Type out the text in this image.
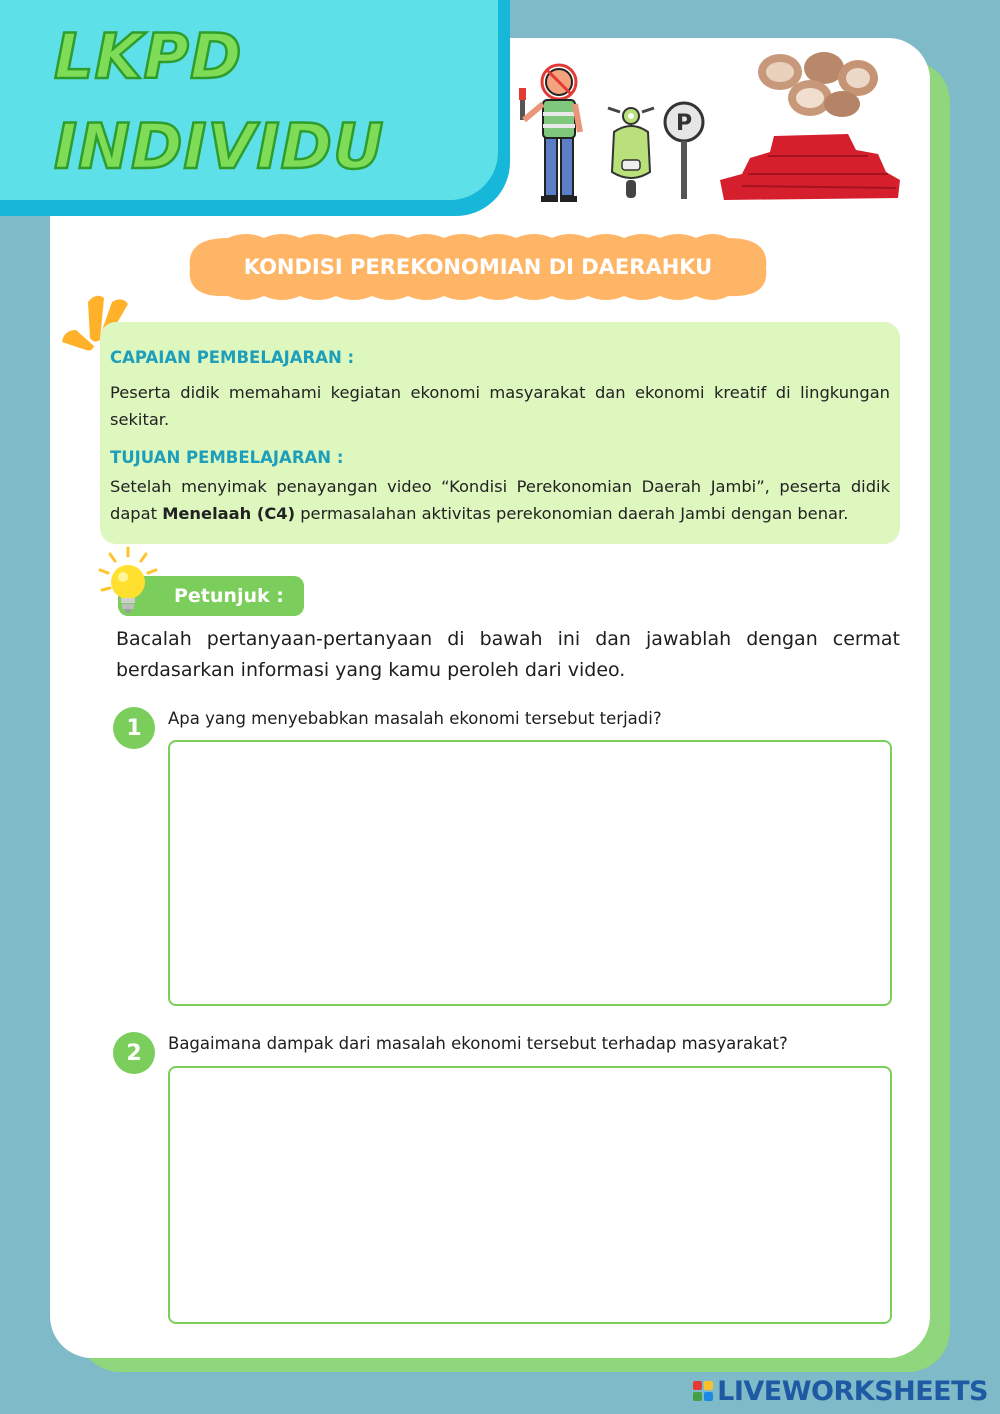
LKPD

INDIVIDU	P
KONDISI PEREKONOMIAN DI DAERAHKU

CAPAIAN PEMBELAJARAN :

Peserta didik memahami kegiatan ekonomi masyarakat dan ekonomi kreatif di lingkungan sekitar.

TUJUAN PEMBELAJARAN :

Setelah menyimak penayangan video “Kondisi Perekonomian Daerah Jambi”, peserta didik dapat Menelaah (C4) permasalahan aktivitas perekonomian daerah Jambi dengan benar.

Petunjuk :

Bacalah pertanyaan-pertanyaan di bawah ini dan jawablah dengan cermat berdasarkan informasi yang kamu peroleh dari video.

1	Apa yang menyebabkan masalah ekonomi tersebut terjadi?

2	Bagaimana dampak dari masalah ekonomi tersebut terhadap masyarakat?

LIVEWORKSHEETS
